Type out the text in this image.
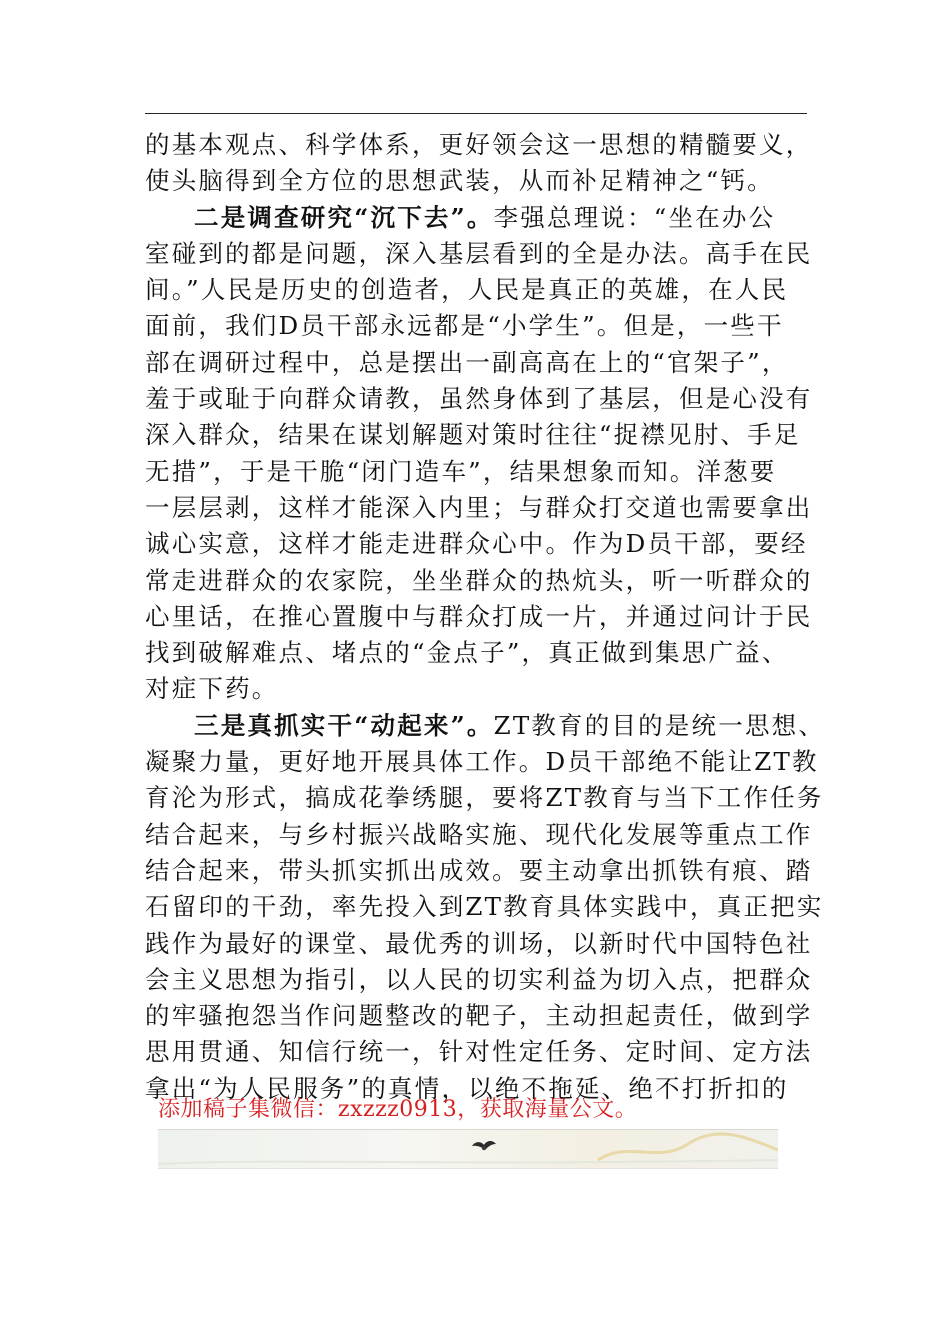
的基本观点、科学体系，更好领会这一思想的精髓要义，
使头脑得到全方位的思想武装，从而补足精神之“钙。
二是调查研究“沉下去”。李强总理说：“坐在办公
室碰到的都是问题，深入基层看到的全是办法。高手在民
间。”人民是历史的创造者，人民是真正的英雄，在人民
面前，我们D员干部永远都是“小学生”。但是，一些干
部在调研过程中，总是摆出一副高高在上的“官架子”，
羞于或耻于向群众请教，虽然身体到了基层，但是心没有
深入群众，结果在谋划解题对策时往往“捉襟见肘、手足
无措”，于是干脆“闭门造车”，结果想象而知。洋葱要
一层层剥，这样才能深入内里；与群众打交道也需要拿出
诚心实意，这样才能走进群众心中。作为D员干部，要经
常走进群众的农家院，坐坐群众的热炕头，听一听群众的
心里话，在推心置腹中与群众打成一片，并通过问计于民
找到破解难点、堵点的“金点子”，真正做到集思广益、
对症下药。
三是真抓实干“动起来”。ZT教育的目的是统一思想、
凝聚力量，更好地开展具体工作。D员干部绝不能让ZT教
育沦为形式，搞成花拳绣腿，要将ZT教育与当下工作任务
结合起来，与乡村振兴战略实施、现代化发展等重点工作
结合起来，带头抓实抓出成效。要主动拿出抓铁有痕、踏
石留印的干劲，率先投入到ZT教育具体实践中，真正把实
践作为最好的课堂、最优秀的训场，以新时代中国特色社
会主义思想为指引，以人民的切实利益为切入点，把群众
的牢骚抱怨当作问题整改的靶子，主动担起责任，做到学
思用贯通、知信行统一，针对性定任务、定时间、定方法
拿出“为人民服务”的真情，以绝不拖延、绝不打折扣的
添加稿子集微信：zxzzz0913，获取海量公文。
